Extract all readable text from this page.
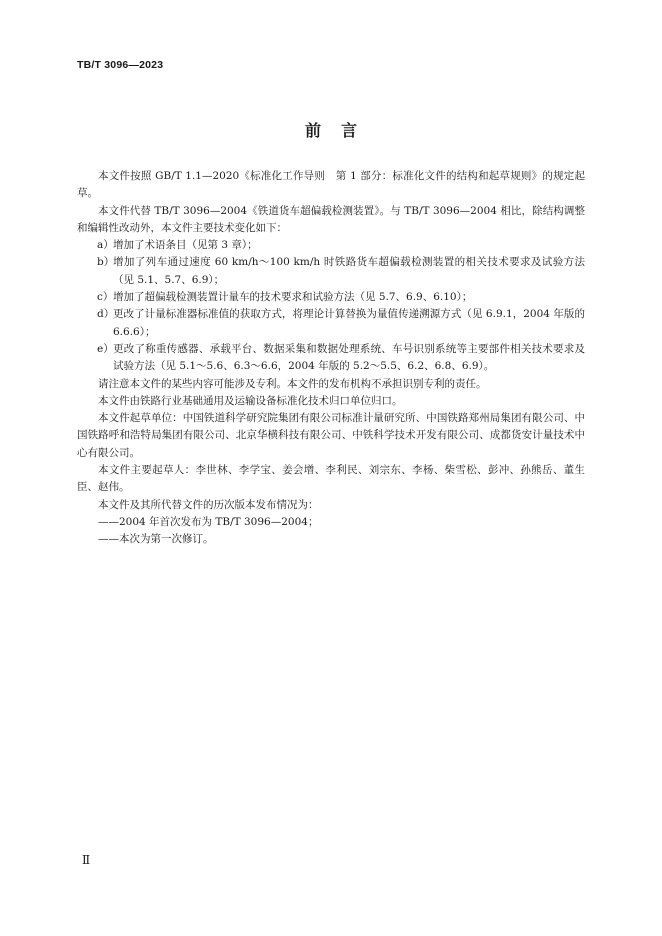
TB/T 3096—2023
前言

本文件按照 GB/T 1.1—2020《标准化工作导则　第 1 部分：标准化文件的结构和起草规则》的规定起草。

本文件代替 TB/T 3096—2004《铁道货车超偏载检测装置》。与 TB/T 3096—2004 相比，除结构调整和编辑性改动外，本文件主要技术变化如下：

a） 增加了术语条目（见第 3 章）；

b）
增加了列车通过速度 60 km/h～100 km/h 时铁路货车超偏载检测装置的相关技术要求及试验方法（见 5.1、5.7、6.9）；

c） 增加了超偏载检测装置计量车的技术要求和试验方法（见 5.7、6.9、6.10）；

d）
更改了计量标准器标准值的获取方式，将理论计算替换为量值传递溯源方式（见 6.9.1，2004 年版的 6.6.6）；

e） 更改了称重传感器、承载平台、数据采集和数据处理系统、车号识别系统等主要部件相关技术要求及试验方法（见 5.1～5.6、6.3～6.6，2004 年版的 5.2～5.5、6.2、6.8、6.9）。

请注意本文件的某些内容可能涉及专利。本文件的发布机构不承担识别专利的责任。

本文件由铁路行业基础通用及运输设备标准化技术归口单位归口。

本文件起草单位：中国铁道科学研究院集团有限公司标准计量研究所、中国铁路郑州局集团有限公司、中国铁路呼和浩特局集团有限公司、北京华横科技有限公司、中铁科学技术开发有限公司、成都货安计量技术中心有限公司。

本文件主要起草人：李世林、李学宝、姜会增、李利民、刘宗东、李杨、柴雪松、彭冲、孙熊岳、董生臣、赵伟。

本文件及其所代替文件的历次版本发布情况为：

——2004 年首次发布为 TB/T 3096—2004；

——本次为第一次修订。

Ⅱ
